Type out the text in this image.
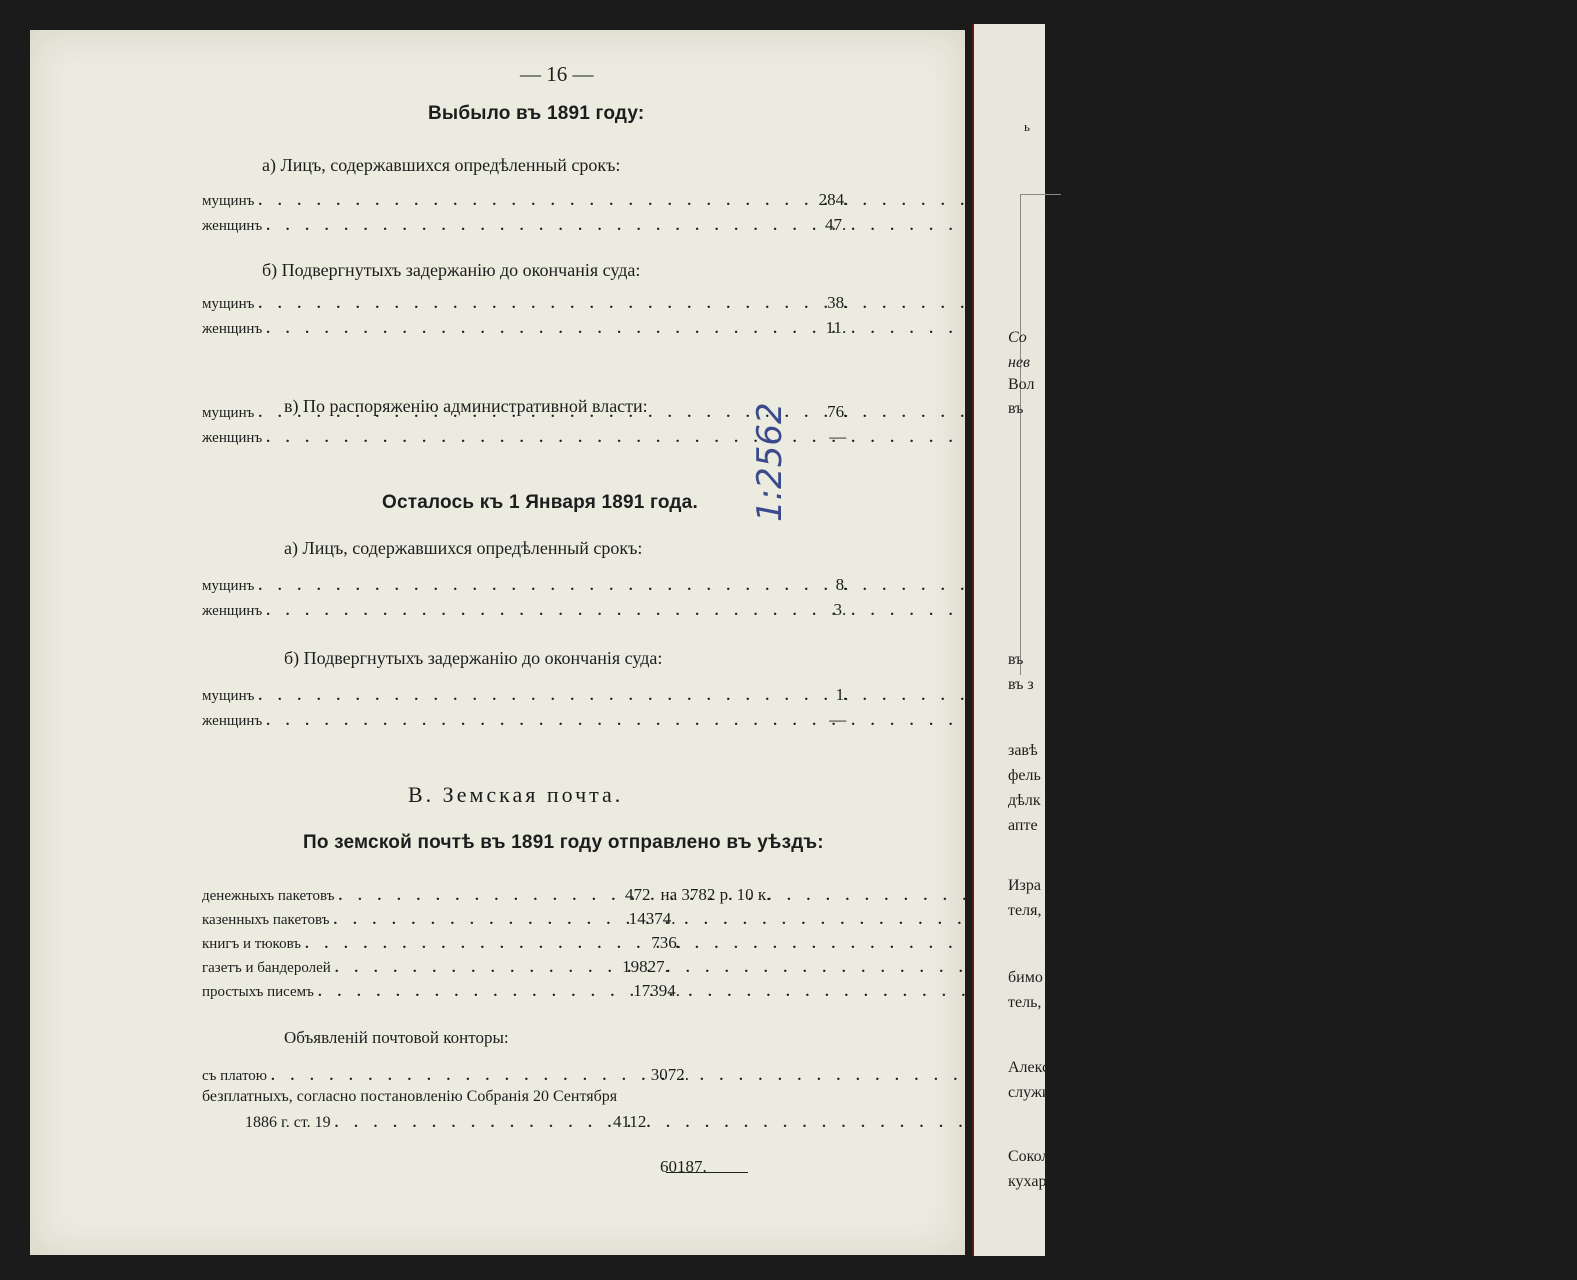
— 16 —
Выбыло въ 1891 году:
а) Лицъ, содержавшихся опредѣленный срокъ:
мущинъ . . .	284.
женщинъ . . .	47.
б) Подвергнутыхъ задержанію до окончанія суда:
мущинъ . . .	38.
женщинъ . . .	11.
в) По распоряженію административной власти:
мущинъ . . .	76.
женщинъ . . .	—
Осталось къ 1 Января 1891 года.
а) Лицъ, содержавшихся опредѣленный срокъ:
мущинъ . . .	8.
женщинъ . . .	3.
б) Подвергнутыхъ задержанію до окончанія суда:
мущинъ . . .	1.
женщинъ . . .	—
В. Земская почта.
По земской почтѣ въ 1891 году отправлено въ уѣздъ:
денежныхъ пакетовъ . . .	472 на 3782 р. 10 к.
казенныхъ пакетовъ . . .	14374.
книгъ и тюковъ . . .	736.
газетъ и бандеролей . . .	19827.
простыхъ писемъ . . .	17394.
Объявленій почтовой конторы:
съ платою . . .	3072.
безплатныхъ, согласно постановленію Собранія 20 Сентября
1886 г. ст. 19 . . .	4112.
60187.
1:2562
ь
Со
нев
Вол
въ
въ
въ з
завѣ
фель
дѣлк
апте
Изра
теля,
бимо
тель,
Алекс
служи
Сокол
кухар
